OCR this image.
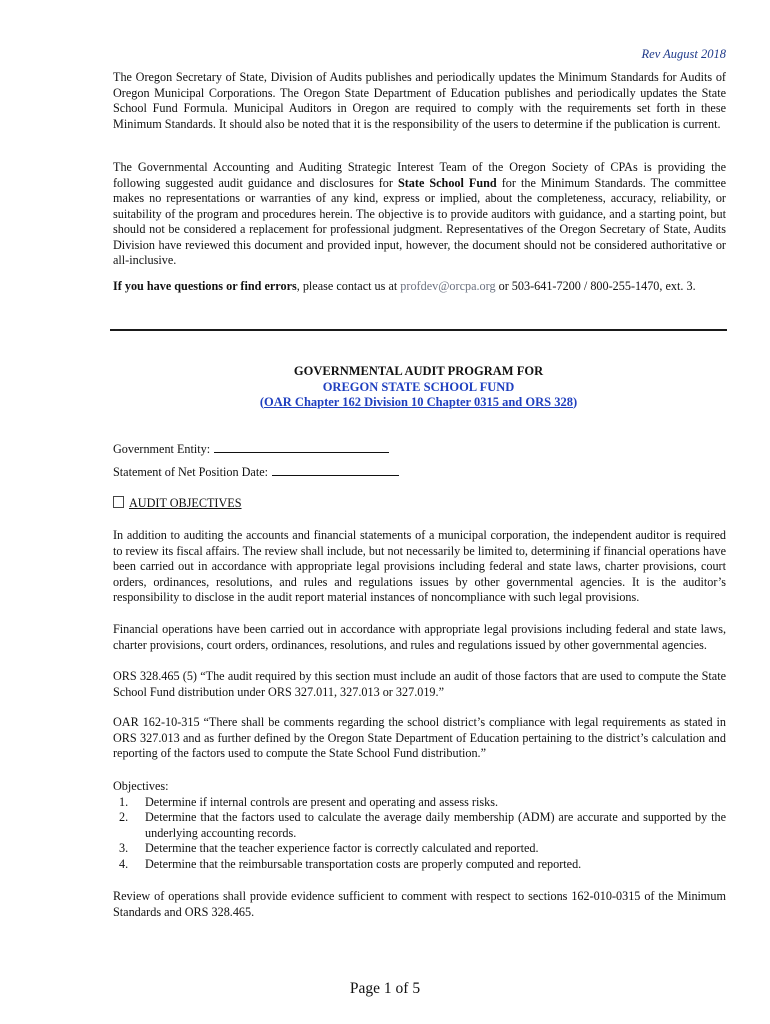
Rev August 2018

The Oregon Secretary of State, Division of Audits publishes and periodically updates the Minimum Standards for Audits of Oregon Municipal Corporations. The Oregon State Department of Education publishes and periodically updates the State School Fund Formula. Municipal Auditors in Oregon are required to comply with the requirements set forth in these Minimum Standards. It should also be noted that it is the responsibility of the users to determine if the publication is current.

The Governmental Accounting and Auditing Strategic Interest Team of the Oregon Society of CPAs is providing the following suggested audit guidance and disclosures for State School Fund for the Minimum Standards. The committee makes no representations or warranties of any kind, express or implied, about the completeness, accuracy, reliability, or suitability of the program and procedures herein. The objective is to provide auditors with guidance, and a starting point, but should not be considered a replacement for professional judgment. Representatives of the Oregon Secretary of State, Audits Division have reviewed this document and provided input, however, the document should not be considered authoritative or all-inclusive.

If you have questions or find errors, please contact us at profdev@orcpa.org or 503-641-7200 / 800-255-1470, ext. 3.

GOVERNMENTAL AUDIT PROGRAM FOR
OREGON STATE SCHOOL FUND
(OAR Chapter 162 Division 10 Chapter 0315 and ORS 328)
Government Entity:
Statement of Net Position Date:
AUDIT OBJECTIVES

In addition to auditing the accounts and financial statements of a municipal corporation, the independent auditor is required to review its fiscal affairs. The review shall include, but not necessarily be limited to, determining if financial operations have been carried out in accordance with appropriate legal provisions including federal and state laws, charter provisions, court orders, ordinances, resolutions, and rules and regulations issues by other governmental agencies. It is the auditor’s responsibility to disclose in the audit report material instances of noncompliance with such legal provisions.

Financial operations have been carried out in accordance with appropriate legal provisions including federal and state laws, charter provisions, court orders, ordinances, resolutions, and rules and regulations issued by other governmental agencies.

ORS 328.465 (5) “The audit required by this section must include an audit of those factors that are used to compute the State School Fund distribution under ORS 327.011, 327.013 or 327.019.”

OAR 162-10-315 “There shall be comments regarding the school district’s compliance with legal requirements as stated in ORS 327.013 and as further defined by the Oregon State Department of Education pertaining to the district’s calculation and reporting of the factors used to compute the State School Fund distribution.”

Objectives:

1. Determine if internal controls are present and operating and assess risks.
2. Determine that the factors used to calculate the average daily membership (ADM) are accurate and supported by the underlying accounting records.
3. Determine that the teacher experience factor is correctly calculated and reported.
4. Determine that the reimbursable transportation costs are properly computed and reported.

Review of operations shall provide evidence sufficient to comment with respect to sections 162-010-0315 of the Minimum Standards and ORS 328.465.

Page 1 of 5
